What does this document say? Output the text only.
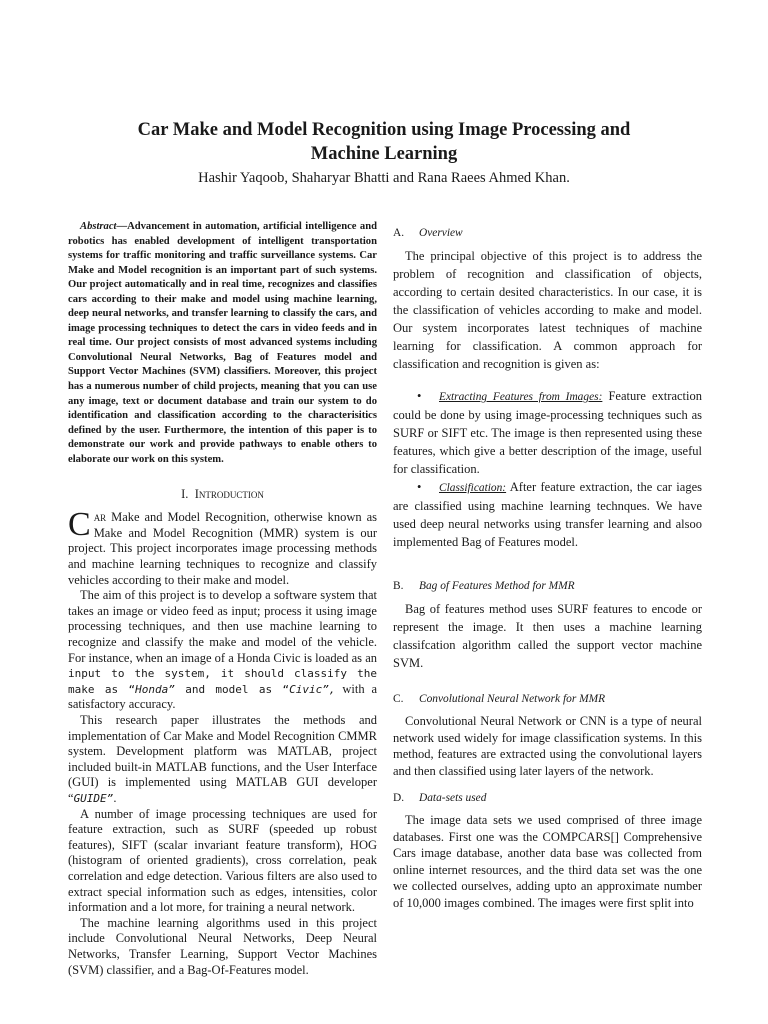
Car Make and Model Recognition using Image Processing and
Machine Learning
Hashir Yaqoob, Shaharyar Bhatti and Rana Raees Ahmed Khan.

Abstract—Advancement in automation, artificial intelligence and robotics has enabled development of intelligent transportation systems for traffic monitoring and traffic surveillance systems. Car Make and Model recognition is an important part of such systems. Our project automatically and in real time, recognizes and classifies cars according to their make and model using machine learning, deep neural networks, and transfer learning to classify the cars, and image processing techniques to detect the cars in video feeds and in real time. Our project consists of most advanced systems including Convolutional Neural Networks, Bag of Features model and Support Vector Machines (SVM) classifiers. Moreover, this project has a numerous number of child projects, meaning that you can use any image, text or document database and train our system to do identification and classification according to the characterisitics defined by the user. Furthermore, the intention of this paper is to demonstrate our work and provide pathways to enable others to elaborate our work on this system.

I. Introduction

Car Make and Model Recognition, otherwise known as Make and Model Recognition (MMR) system is our project. This project incorporates image processing methods and machine learning techniques to recognize and classify vehicles according to their make and model.

The aim of this project is to develop a software system that takes an image or video feed as input; process it using image processing techniques, and then use machine learning to recognize and classify the make and model of the vehicle. For instance, when an image of a Honda Civic is loaded as an input to the system, it should classify the make as “Honda” and model as “Civic”, with a satisfactory accuracy.

This research paper illustrates the methods and implementation of Car Make and Model Recognition CMMR system. Development platform was MATLAB, project included built-in MATLAB functions, and the User Interface (GUI) is implemented using MATLAB GUI developer “GUIDE”.

A number of image processing techniques are used for feature extraction, such as SURF (speeded up robust features), SIFT (scalar invariant feature transform), HOG (histogram of oriented gradients), cross correlation, peak correlation and edge detection. Various filters are also used to extract special information such as edges, intensities, color information and a lot more, for training a neural network.

The machine learning algorithms used in this project include Convolutional Neural Networks, Deep Neural Networks, Transfer Learning, Support Vector Machines (SVM) classifier, and a Bag-Of-Features model.

A. Overview

The principal objective of this project is to address the problem of recognition and classification of objects, according to certain desited characteristics. In our case, it is the classification of vehicles according to make and model. Our system incorporates latest techniques of machine learning for classification. A common approach for classification and recognition is given as:

• Extracting Features from Images: Feature extraction could be done by using image-processing techniques such as SURF or SIFT etc. The image is then represented using these features, which give a better description of the image, useful for classification.

• Classification: After feature extraction, the car iages are classified using machine learning technques. We have used deep neural networks using transfer learning and alsoo implemented Bag of Features model.

B. Bag of Features Method for MMR

Bag of features method uses SURF features to encode or represent the image. It then uses a machine learning classifcation algorithm called the support vector machine SVM.

C. Convolutional Neural Network for MMR

Convolutional Neural Network or CNN is a type of neural network used widely for image classification systems. In this method, features are extracted using the convolutional layers and then classified using later layers of the network.

D. Data-sets used

The image data sets we used comprised of three image databases. First one was the COMPCARS[] Comprehensive Cars image database, another data base was collected from online internet resources, and the third data set was the one we collected ourselves, adding upto an approximate number of 10,000 images combined. The images were first split into
